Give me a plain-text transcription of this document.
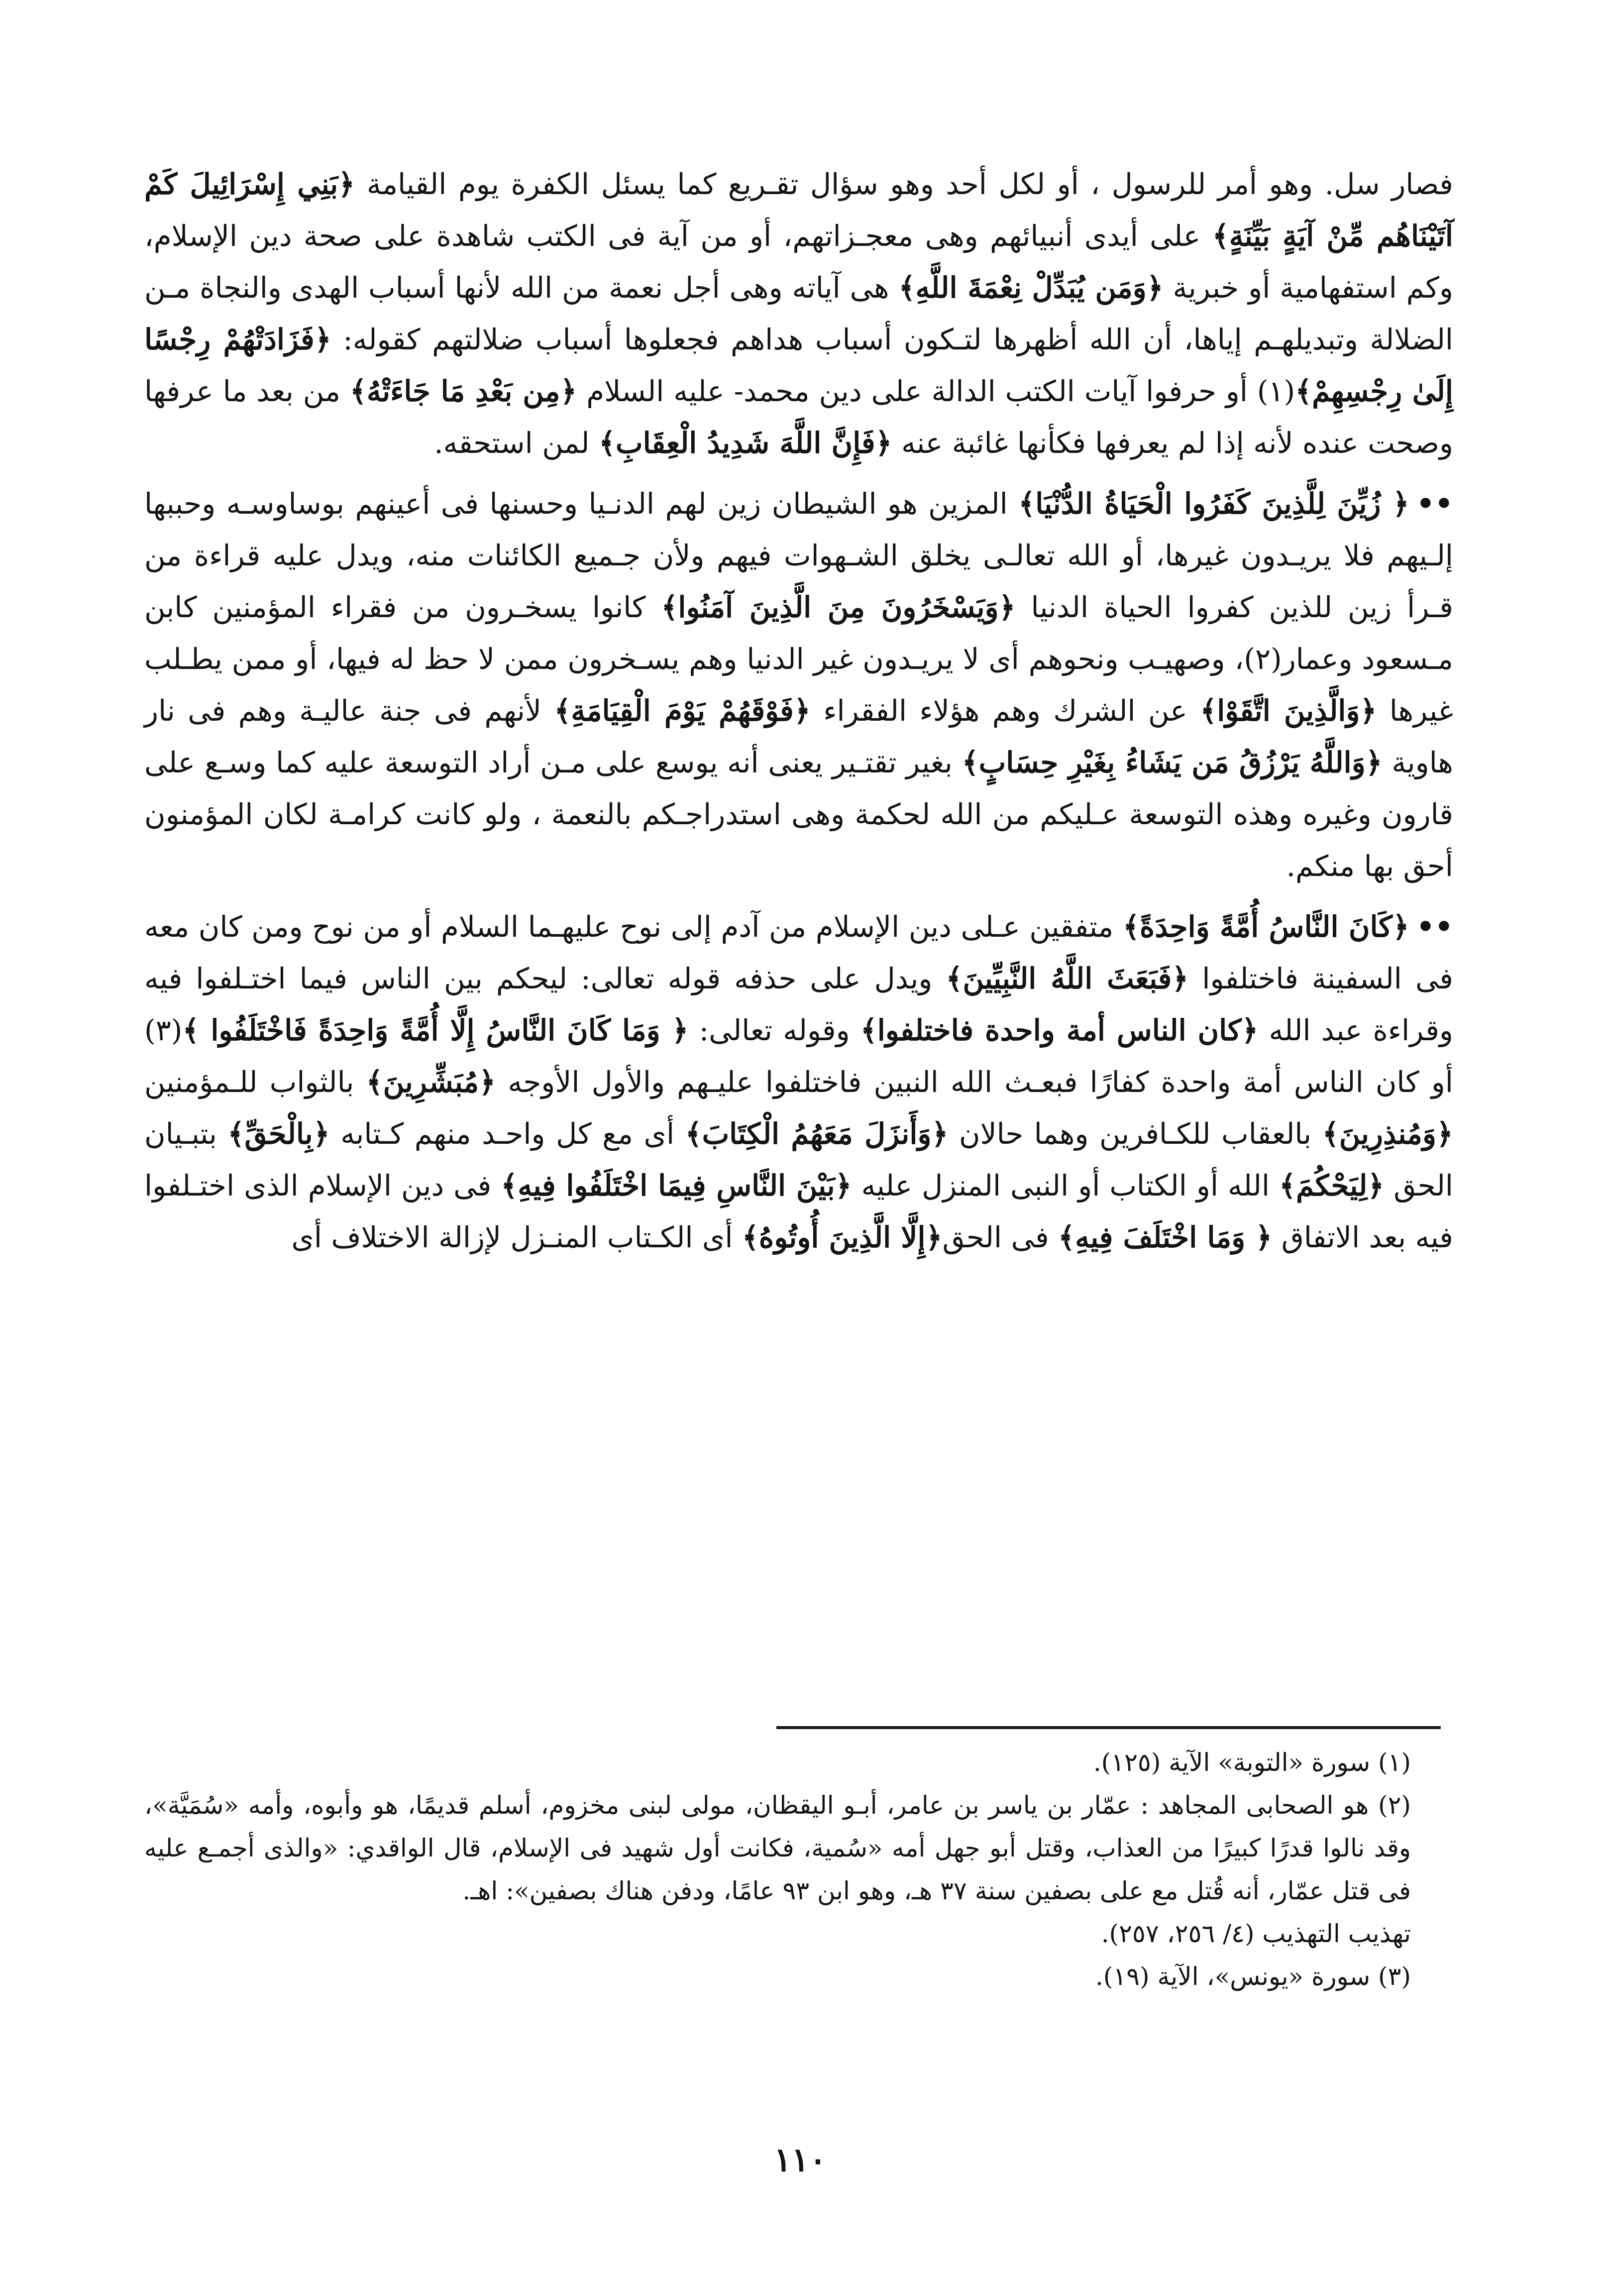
فصار سل. وهو أمر للرسول ، أو لكل أحد وهو سؤال تقـريع كما يسئل الكفرة يوم القيامة ﴿بَنِي إِسْرَائِيلَ كَمْ آتَيْنَاهُم مِّنْ آيَةٍ بَيِّنَةٍ﴾ على أيدى أنبيائهم وهى معجـزاتهم، أو من آية فى الكتب شاهدة على صحة دين الإسلام، وكم استفهامية أو خبرية ﴿وَمَن يُبَدِّلْ نِعْمَةَ اللَّهِ﴾ هى آياته وهى أجل نعمة من الله لأنها أسباب الهدى والنجاة مـن الضلالة وتبديلهـم إياها، أن الله أظهرها لتـكون أسباب هداهم فجعلوها أسباب ضلالتهم كقوله: ﴿فَزَادَتْهُمْ رِجْسًا إِلَىٰ رِجْسِهِمْ﴾(١) أو حرفوا آيات الكتب الدالة على دين محمد- عليه السلام ﴿مِن بَعْدِ مَا جَاءَتْهُ﴾ من بعد ما عرفها وصحت عنده لأنه إذا لم يعرفها فكأنها غائبة عنه ﴿فَإِنَّ اللَّهَ شَدِيدُ الْعِقَابِ﴾ لمن استحقه.

••﴿ زُيِّنَ لِلَّذِينَ كَفَرُوا الْحَيَاةُ الدُّنْيَا﴾ المزين هو الشيطان زين لهم الدنـيا وحسنها فى أعينهم بوساوسـه وحببها إلـيهم فلا يريـدون غيرها، أو الله تعالـى يخلق الشـهوات فيهم ولأن جـميع الكائنات منه، ويدل عليه قراءة من قـرأ زين للذين كفروا الحياة الدنيا ﴿وَيَسْخَرُونَ مِنَ الَّذِينَ آمَنُوا﴾ كانوا يسخـرون من فقراء المؤمنين كابن مـسعود وعمار(٢)، وصهيـب ونحوهم أى لا يريـدون غير الدنيا وهم يسـخرون ممن لا حظ له فيها، أو ممن يطـلب غيرها ﴿وَالَّذِينَ اتَّقَوْا﴾ عن الشرك وهم هؤلاء الفقراء ﴿فَوْقَهُمْ يَوْمَ الْقِيَامَةِ﴾ لأنهم فى جنة عاليـة وهم فى نار هاوية ﴿وَاللَّهُ يَرْزُقُ مَن يَشَاءُ بِغَيْرِ حِسَابٍ﴾ بغير تقتـير يعنى أنه يوسع على مـن أراد التوسعة عليه كما وسـع على قارون وغيره وهذه التوسعة عـليكم من الله لحكمة وهى استدراجـكم بالنعمة ، ولو كانت كرامـة لكان المؤمنون أحق بها منكم.

••﴿كَانَ النَّاسُ أُمَّةً وَاحِدَةً﴾ متفقين عـلى دين الإسلام من آدم إلى نوح عليهـما السلام أو من نوح ومن كان معه فى السفينة فاختلفوا ﴿فَبَعَثَ اللَّهُ النَّبِيِّينَ﴾ ويدل على حذفه قوله تعالى: ليحكم بين الناس فيما اختـلفوا فيه وقراءة عبد الله ﴿كان الناس أمة واحدة فاختلفوا﴾ وقوله تعالى: ﴿ وَمَا كَانَ النَّاسُ إِلَّا أُمَّةً وَاحِدَةً فَاخْتَلَفُوا ﴾(٣) أو كان الناس أمة واحدة كفارًا فبعـث الله النبين فاختلفوا عليـهم والأول الأوجه ﴿مُبَشِّرِينَ﴾ بالثواب للـمؤمنين ﴿وَمُنذِرِينَ﴾ بالعقاب للكـافرين وهما حالان ﴿وَأَنزَلَ مَعَهُمُ الْكِتَابَ﴾ أى مع كل واحـد منهم كـتابه ﴿بِالْحَقِّ﴾ بتبـيان الحق ﴿لِيَحْكُمَ﴾ الله أو الكتاب أو النبى المنزل عليه ﴿بَيْنَ النَّاسِ فِيمَا اخْتَلَفُوا فِيهِ﴾ فى دين الإسلام الذى اختـلفوا فيه بعد الاتفاق ﴿ وَمَا اخْتَلَفَ فِيهِ﴾ فى الحق﴿إِلَّا الَّذِينَ أُوتُوهُ﴾ أى الكـتاب المنـزل لإزالة الاختلاف أى

(١) سورة «التوبة» الآية (١٢٥).

(٢) هو الصحابى المجاهد : عمّار بن ياسر بن عامر، أبـو اليقظان، مولى لبنى مخزوم، أسلم قديمًا، هو وأبوه، وأمه «سُمَيَّة»، وقد نالوا قدرًا كبيرًا من العذاب، وقتل أبو جهل أمه «سُمية، فكانت أول شهيد فى الإسلام، قال الواقدي: «والذى أجمـع عليه فى قتل عمّار، أنه قُتل مع على بصفين سنة ٣٧ هـ، وهو ابن ٩٣ عامًا، ودفن هناك بصفين»: اهـ.

تهذيب التهذيب (٤/ ٢٥٦، ٢٥٧).

(٣) سورة «يونس»، الآية (١٩).

١١٠
